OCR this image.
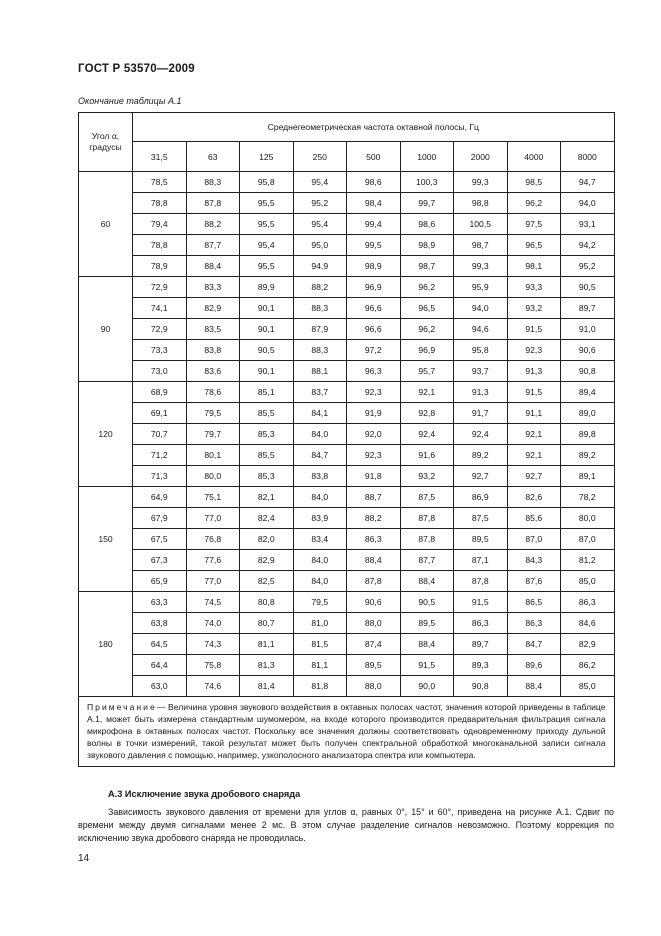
ГОСТ Р 53570—2009
Окончание таблицы А.1
Угол α,
градусы	Среднегеометрическая частота октавной полосы, Гц								
	31,5	63	125	250	500	1000	2000	4000	8000
60	78,5	88,3	95,8	95,4	98,6	100,3	99,3	98,5	94,7
	78,8	87,8	95,5	95,2	98,4	99,7	98,8	96,2	94,0
	79,4	88,2	95,5	95,4	99,4	98,6	100,5	97,5	93,1
	78,8	87,7	95,4	95,0	99,5	98,9	98,7	96,5	94,2
	78,9	88,4	95,5	94,9	98,9	98,7	99,3	98,1	95,2
90	72,9	83,3	89,9	88,2	96,9	96,2	95,9	93,3	90,5
	74,1	82,9	90,1	88,3	96,6	96,5	94,0	93,2	89,7
	72,9	83,5	90,1	87,9	96,6	96,2	94,6	91,5	91,0
	73,3	83,8	90,5	88,3	97,2	96,9	95,8	92,3	90,6
	73,0	83,6	90,1	88,1	96,3	95,7	93,7	91,3	90,8
120	68,9	78,6	85,1	83,7	92,3	92,1	91,3	91,5	89,4
	69,1	79,5	85,5	84,1	91,9	92,8	91,7	91,1	89,0
	70,7	79,7	85,3	84,0	92,0	92,4	92,4	92,1	89,8
	71,2	80,1	85,5	84,7	92,3	91,6	89,2	92,1	89,2
	71,3	80,0	85,3	83,8	91,8	93,2	92,7	92,7	89,1
150	64,9	75,1	82,1	84,0	88,7	87,5	86,9	82,6	78,2
	67,9	77,0	82,4	83,9	88,2	87,8	87,5	85,6	80,0
	67,5	76,8	82,0	83,4	86,3	87,8	89,5	87,0	87,0
	67,3	77,6	82,9	84,0	88,4	87,7	87,1	84,3	81,2
	65,9	77,0	82,5	84,0	87,8	88,4	87,8	87,6	85,0
180	63,3	74,5	80,8	79,5	90,6	90,5	91,5	86,5	86,3
	63,8	74,0	80,7	81,0	88,0	89,5	86,3	86,3	84,6
	64,5	74,3	81,1	81,5	87,4	88,4	89,7	84,7	82,9
	64,4	75,8	81,3	81,1	89,5	91,5	89,3	89,6	86,2
	63,0	74,6	81,4	81,8	88,0	90,0	90,8	88,4	85,0
Примечание— Величина уровня звукового воздействия в октавных полосах частот, значения которой приведены в таблице А.1, может быть измерена стандартным шумомером, на входе которого производится предварительная фильтрация сигнала микрофона в октавных полосах частот. Поскольку все значения должны соответствовать одновременному приходу дульной волны в точки измерений, такой результат может быть получен спектральной обработкой многоканальной записи сигнала звукового давления с помощью, например, узкополосного анализатора спектра или компьютера.									
А.3 Исключение звука дробового снаряда
Зависимость звукового давления от времени для углов α, равных 0°, 15° и 60°, приведена на рисунке А.1. Сдвиг по времени между двумя сигналами менее 2 мс. В этом случае разделение сигналов невозможно. Поэтому коррекция по исключению звука дробового снаряда не проводилась.
14
